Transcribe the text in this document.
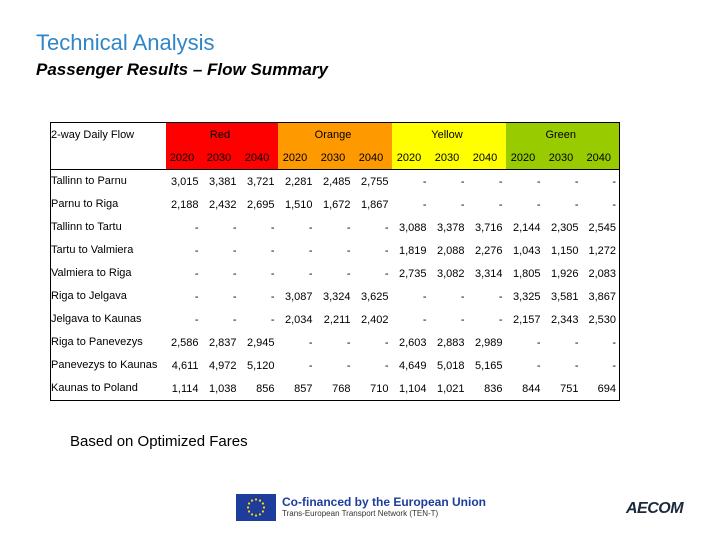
Technical Analysis
Passenger Results – Flow Summary
2-way Daily Flow	Red			Orange			Yellow			Green		
	2020	2030	2040	2020	2030	2040	2020	2030	2040	2020	2030	2040
Tallinn to Parnu	3,015	3,381	3,721	2,281	2,485	2,755	-	-	-	-	-	-
Parnu to Riga	2,188	2,432	2,695	1,510	1,672	1,867	-	-	-	-	-	-
Tallinn to Tartu	-	-	-	-	-	-	3,088	3,378	3,716	2,144	2,305	2,545
Tartu to Valmiera	-	-	-	-	-	-	1,819	2,088	2,276	1,043	1,150	1,272
Valmiera to Riga	-	-	-	-	-	-	2,735	3,082	3,314	1,805	1,926	2,083
Riga to Jelgava	-	-	-	3,087	3,324	3,625	-	-	-	3,325	3,581	3,867
Jelgava to Kaunas	-	-	-	2,034	2,211	2,402	-	-	-	2,157	2,343	2,530
Riga to Panevezys	2,586	2,837	2,945	-	-	-	2,603	2,883	2,989	-	-	-
Panevezys to Kaunas	4,611	4,972	5,120	-	-	-	4,649	5,018	5,165	-	-	-
Kaunas to Poland	1,114	1,038	856	857	768	710	1,104	1,021	836	844	751	694
Based on Optimized Fares
Co-financed by the European Union
Trans-European Transport Network (TEN-T)	AECOM
